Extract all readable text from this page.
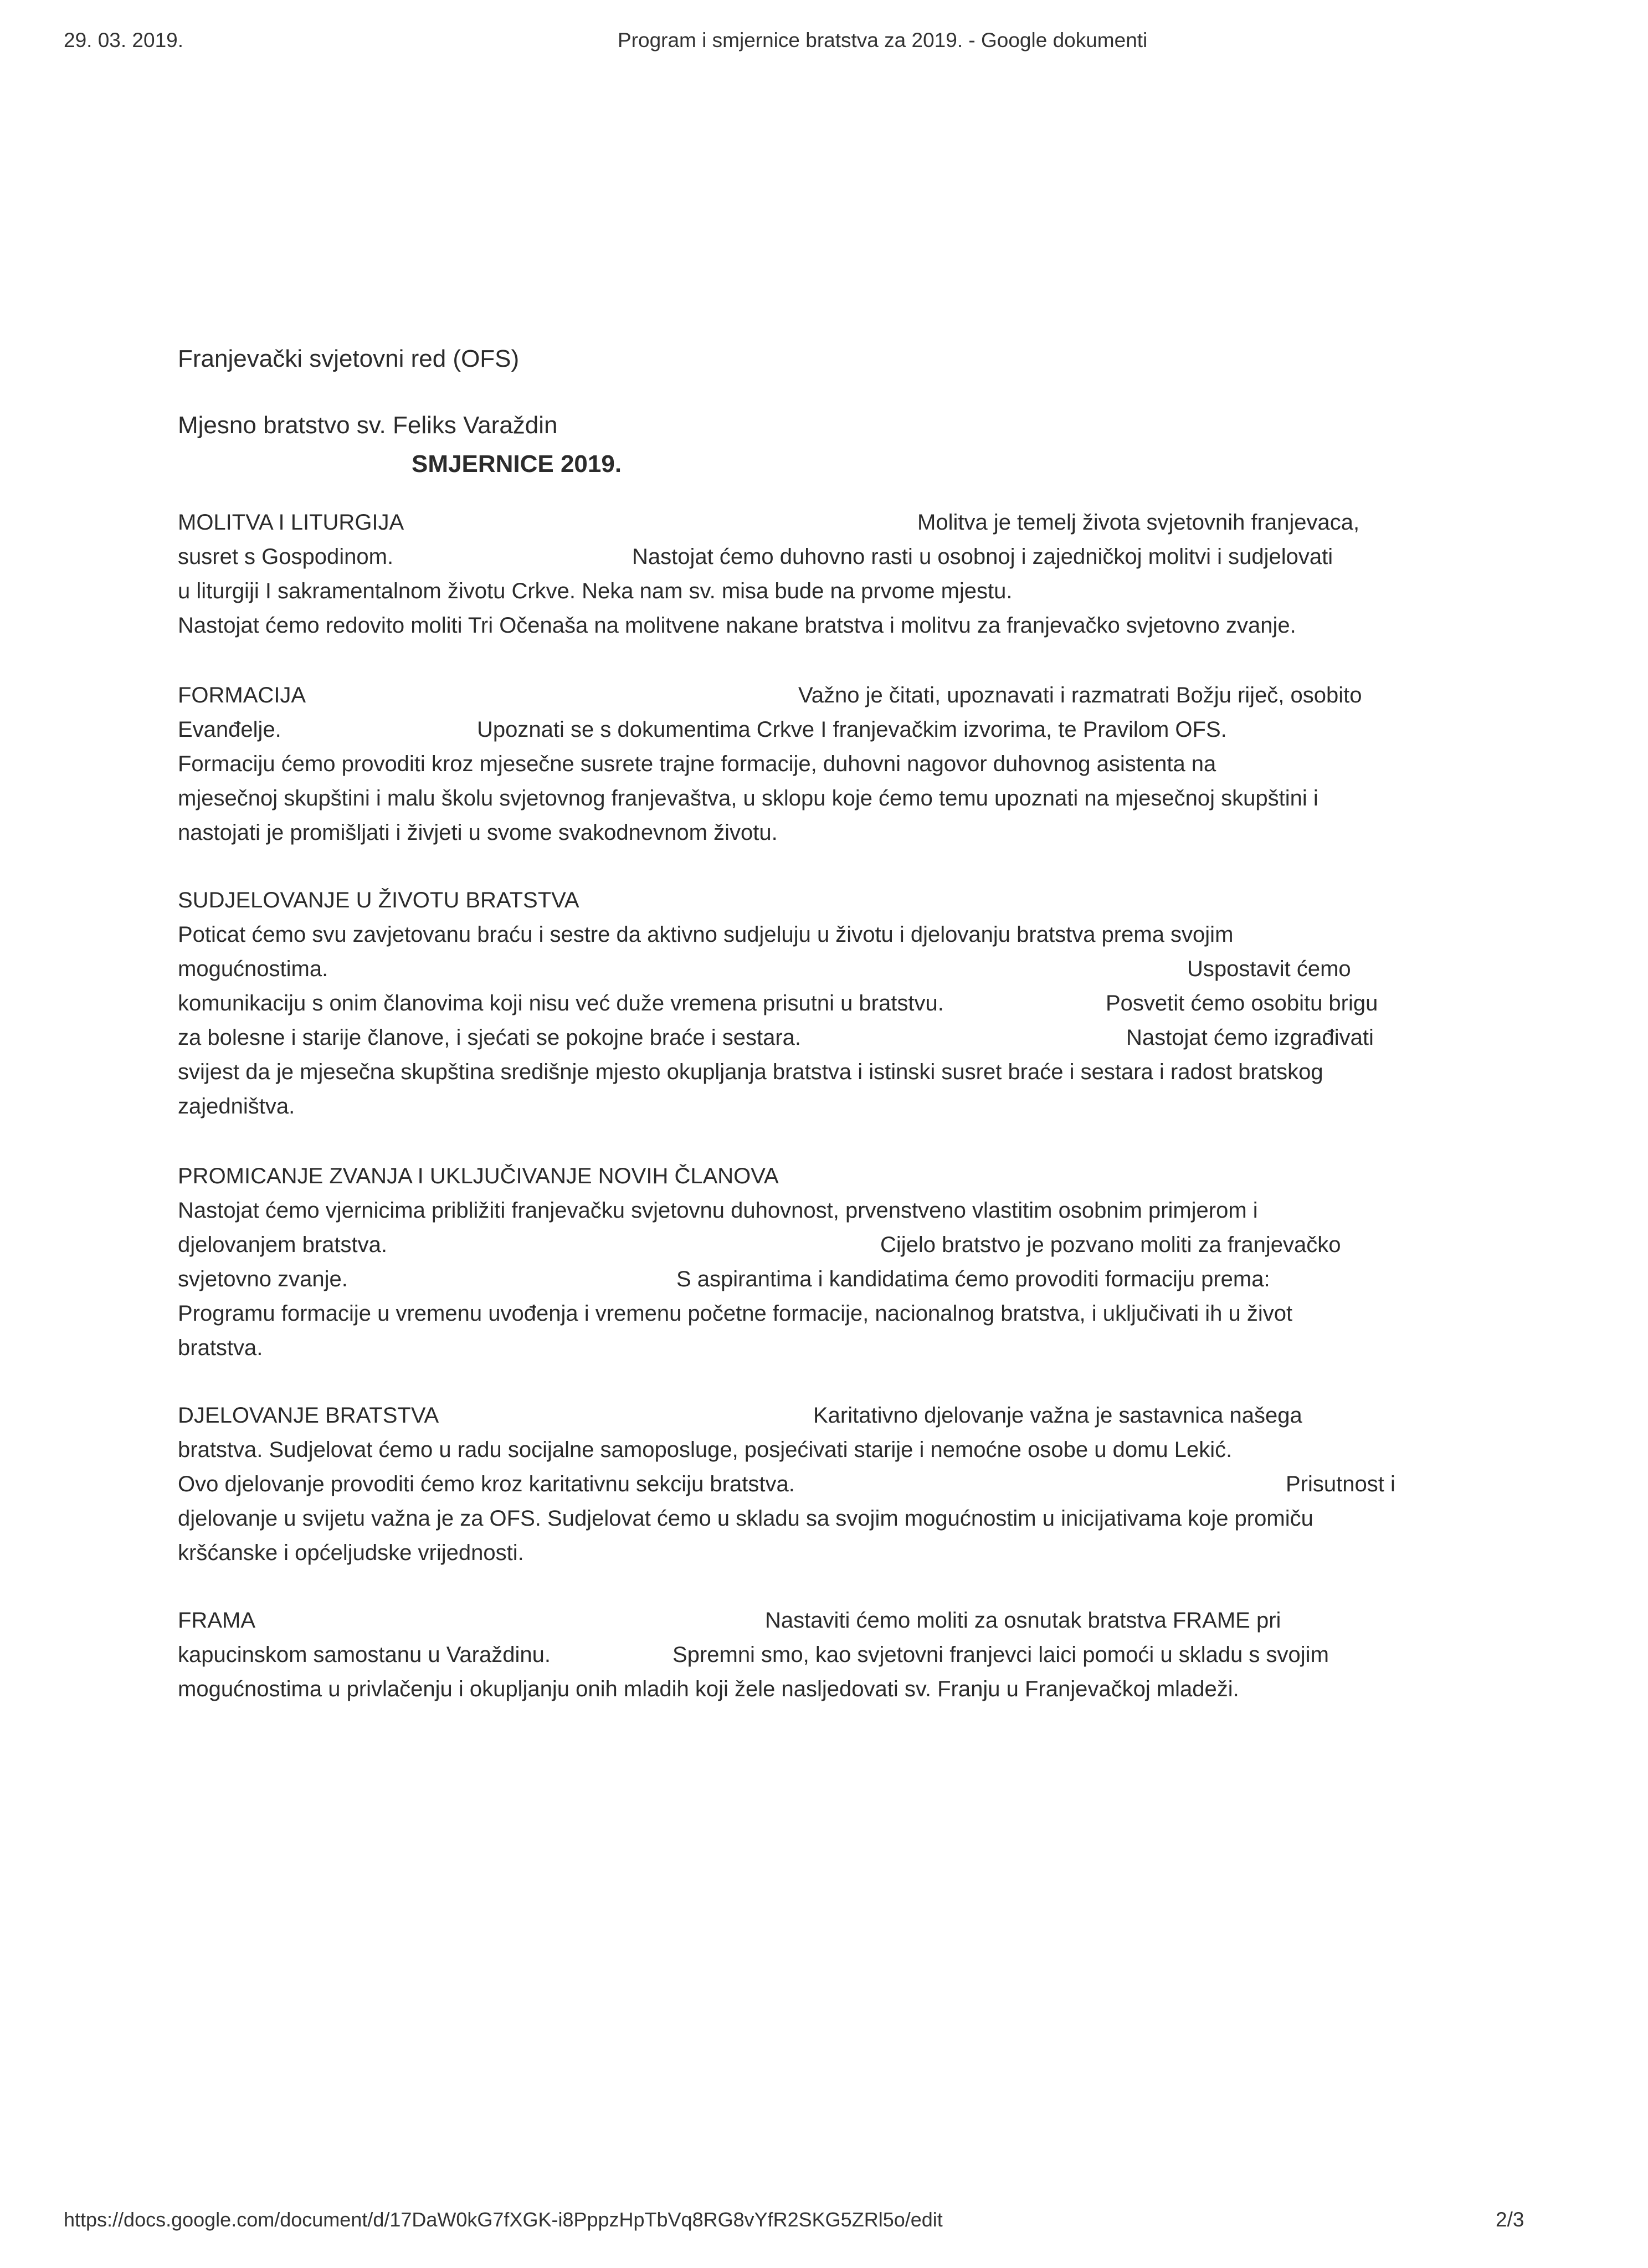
29. 03. 2019.	Program i smjernice bratstva za 2019. - Google dokumenti
Franjevački svjetovni red (OFS)
Mjesno bratstvo sv. Feliks Varaždin
SMJERNICE 2019.
MOLITVA I LITURGIJA	Molitva je temelj života svjetovnih franjevaca,
susret s Gospodinom.	Nastojat ćemo duhovno rasti u osobnoj i zajedničkoj molitvi i sudjelovati
u liturgiji I sakramentalnom životu Crkve. Neka nam sv. misa bude na prvome mjestu.
Nastojat ćemo redovito moliti Tri Očenaša na molitvene nakane bratstva i molitvu za franjevačko svjetovno zvanje.
FORMACIJA	Važno je čitati, upoznavati i razmatrati Božju riječ, osobito
Evanđelje.	Upoznati se s dokumentima Crkve I franjevačkim izvorima, te Pravilom OFS.
Formaciju ćemo provoditi kroz mjesečne susrete trajne formacije, duhovni nagovor duhovnog asistenta na
mjesečnoj skupštini i malu školu svjetovnog franjevaštva, u sklopu koje ćemo temu upoznati na mjesečnoj skupštini i
nastojati je promišljati i živjeti u svome svakodnevnom životu.
SUDJELOVANJE U ŽIVOTU BRATSTVA
Poticat ćemo svu zavjetovanu braću i sestre da aktivno sudjeluju u životu i djelovanju bratstva prema svojim
mogućnostima.	Uspostavit ćemo
komunikaciju s onim članovima koji nisu već duže vremena prisutni u bratstvu.	Posvetit ćemo osobitu brigu
za bolesne i starije članove, i sjećati se pokojne braće i sestara.	Nastojat ćemo izgrađivati
svijest da je mjesečna skupština središnje mjesto okupljanja bratstva i istinski susret braće i sestara i radost bratskog
zajedništva.
PROMICANJE ZVANJA I UKLJUČIVANJE NOVIH ČLANOVA
Nastojat ćemo vjernicima približiti franjevačku svjetovnu duhovnost, prvenstveno vlastitim osobnim primjerom i
djelovanjem bratstva.	Cijelo bratstvo je pozvano moliti za franjevačko
svjetovno zvanje.	S aspirantima i kandidatima ćemo provoditi formaciju prema:
Programu formacije u vremenu uvođenja i vremenu početne formacije, nacionalnog bratstva, i uključivati ih u život
bratstva.
DJELOVANJE BRATSTVA	Karitativno djelovanje važna je sastavnica našega
bratstva. Sudjelovat ćemo u radu socijalne samoposluge, posjećivati starije i nemoćne osobe u domu Lekić.
Ovo djelovanje provoditi ćemo kroz karitativnu sekciju bratstva.	Prisutnost i
djelovanje u svijetu važna je za OFS. Sudjelovat ćemo u skladu sa svojim mogućnostim u inicijativama koje promiču
kršćanske i općeljudske vrijednosti.
FRAMA	Nastaviti ćemo moliti za osnutak bratstva FRAME pri
kapucinskom samostanu u Varaždinu.	Spremni smo, kao svjetovni franjevci laici pomoći u skladu s svojim
mogućnostima u privlačenju i okupljanju onih mladih koji žele nasljedovati sv. Franju u Franjevačkoj mladeži.
https://docs.google.com/document/d/17DaW0kG7fXGK-i8PppzHpTbVq8RG8vYfR2SKG5ZRl5o/edit	2/3
